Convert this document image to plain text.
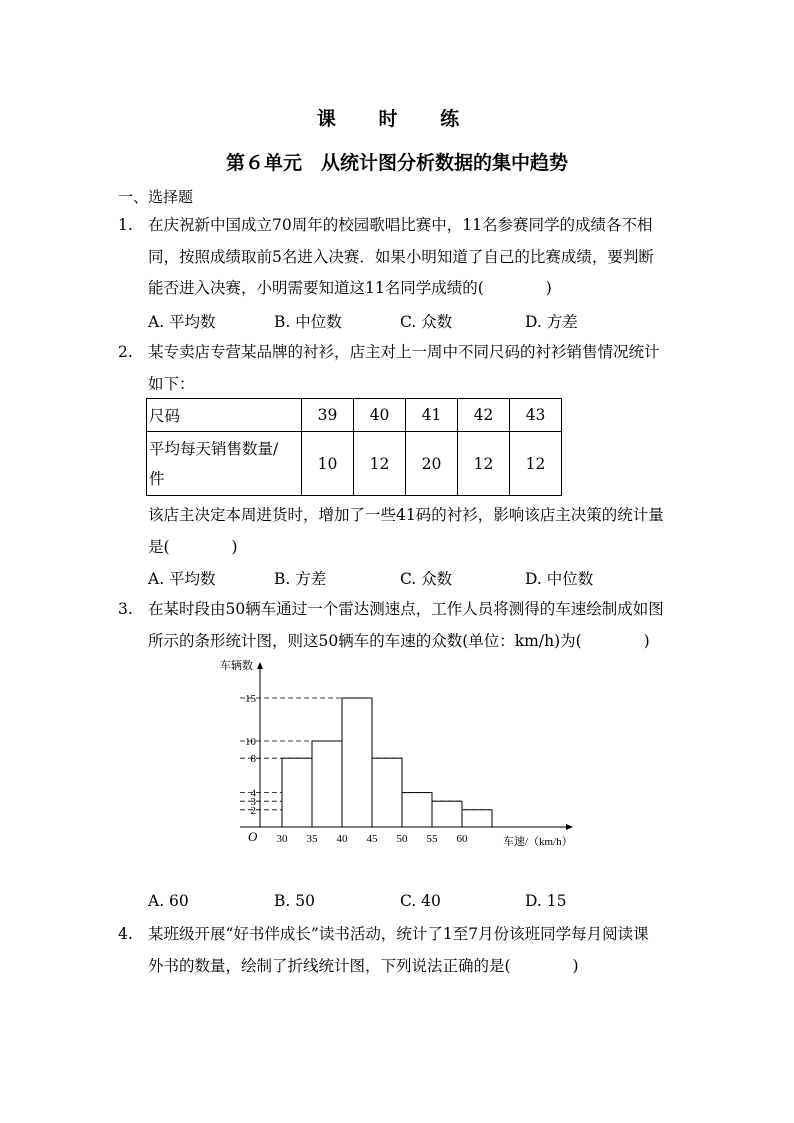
课 时 练
第６单元　从统计图分析数据的集中趋势
一、选择题
1. 在庆祝新中国成立70周年的校园歌唱比赛中，11名参赛同学的成绩各不相
同，按照成绩取前5名进入决赛．如果小明知道了自己的比赛成绩，要判断
能否进入决赛，小明需要知道这11名同学成绩的(　　　　)
A. 平均数	B. 中位数	C. 众数	D. 方差
2. 某专卖店专营某品牌的衬衫，店主对上一周中不同尺码的衬衫销售情况统计
如下：
尺码	39	40	41	42	43

平均每天销售数量/
件	10	12	20	12	12
该店主决定本周进货时，增加了一些41码的衬衫，影响该店主决策的统计量
是(　　　　)
A. 平均数	B. 方差	C. 众数	D. 中位数
3. 在某时段由50辆车通过一个雷达测速点，工作人员将测得的车速绘制成如图
所示的条形统计图，则这50辆车的车速的众数(单位：km/h)为(　　　　)
车辆数
车速/（km/h）
O 30 35 40 45 50 55 60
2
3
4
8
10
15
A. 60	B. 50	C. 40	D. 15
4. 某班级开展“好书伴成长”读书活动，统计了1至7月份该班同学每月阅读课
外书的数量，绘制了折线统计图，下列说法正确的是(　　　　)
